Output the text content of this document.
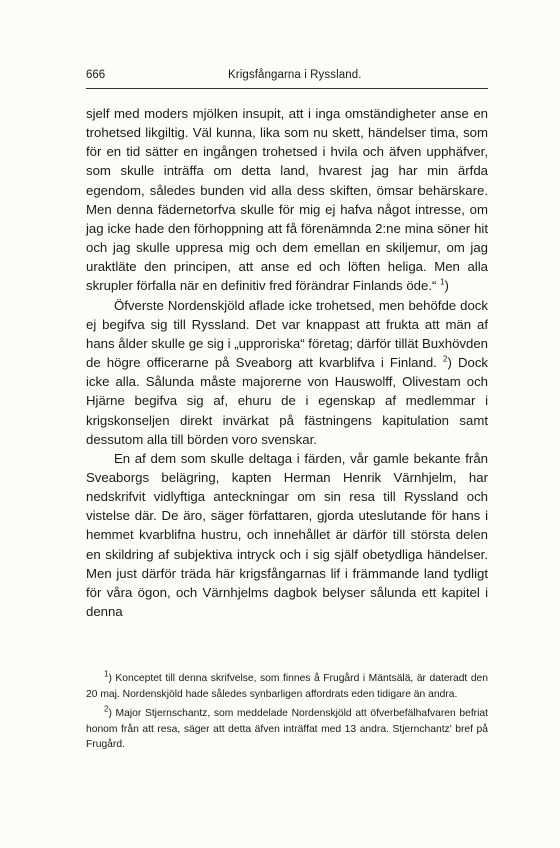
666	Krigsfångarna i Ryssland.

sjelf med moders mjölken insupit, att i inga omständigheter anse en trohetsed likgiltig. Väl kunna, lika som nu skett, händelser tima, som för en tid sätter en ingången trohetsed i hvila och äfven upphäfver, som skulle inträffa om detta land, hvarest jag har min ärfda egendom, således bunden vid alla dess skiften, ömsar behärskare. Men denna fädernetorfva skulle för mig ej hafva något intresse, om jag icke hade den förhoppning att få förenämnda 2:ne mina söner hit och jag skulle uppresa mig och dem emellan en skiljemur, om jag uraktläte den principen, att anse ed och löften heliga. Men alla skrupler förfalla när en definitiv fred förändrar Finlands öde.“ $^1$)

Öfverste Nordenskjöld aflade icke trohetsed, men behöfde dock ej begifva sig till Ryssland. Det var knappast att frukta att män af hans ålder skulle ge sig i „upproriska“ företag; därför tillät Buxhövden de högre officerarne på Sveaborg att kvarblifva i Finland. $^2$) Dock icke alla. Sålunda måste majorerne von Hauswolff, Olivestam och Hjärne begifva sig af, ehuru de i egenskap af medlemmar i krigskonseljen direkt invärkat på fästningens kapitulation samt dessutom alla till börden voro svenskar.

En af dem som skulle deltaga i färden, vår gamle bekante från Sveaborgs belägring, kapten Herman Henrik Värnhjelm, har nedskrifvit vidlyftiga anteckningar om sin resa till Ryssland och vistelse där. De äro, säger författaren, gjorda uteslutande för hans i hemmet kvarblifna hustru, och innehållet är därför till största delen en skildring af subjektiva intryck och i sig själf obetydliga händelser. Men just därför träda här krigsfångarnas lif i främmande land tydligt för våra ögon, och Värnhjelms dagbok belyser sålunda ett kapitel i denna

$^1$) Konceptet till denna skrifvelse, som finnes å Frugård i Mäntsälä, är dateradt den 20 maj. Nordenskjöld hade således synbarligen affordrats eden tidigare än andra.

$^2$) Major Stjernschantz, som meddelade Nordenskjöld att öfverbefälhafvaren befriat honom från att resa, säger att detta äfven inträffat med 13 andra. Stjernchantz' bref på Frugård.
